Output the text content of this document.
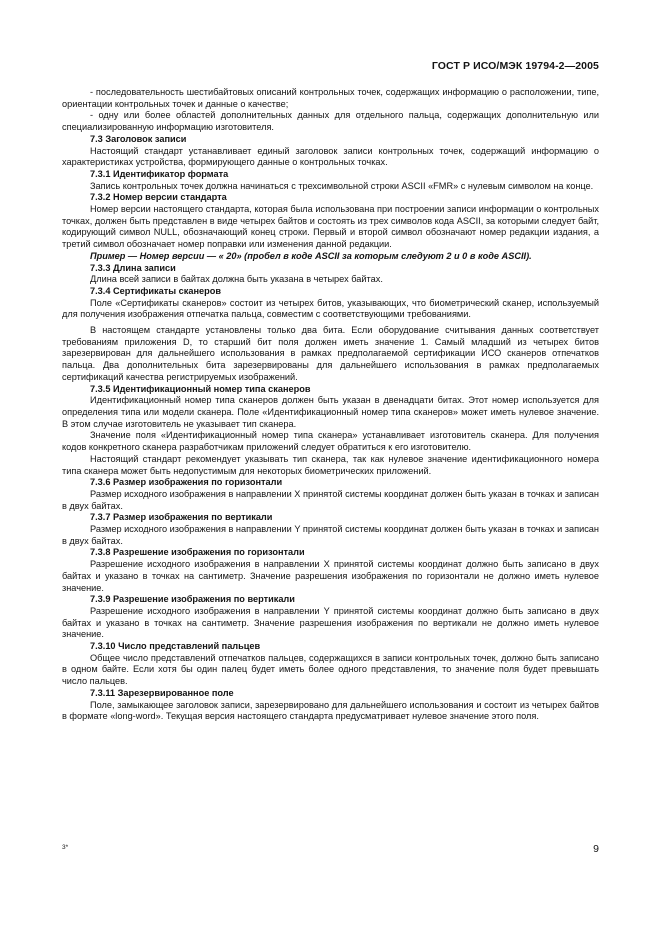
ГОСТ Р ИСО/МЭК 19794-2—2005

- последовательность шестибайтовых описаний контрольных точек, содержащих информацию о расположении, типе, ориентации контрольных точек и данные о качестве;

- одну или более областей дополнительных данных для отдельного пальца, содержащих дополнительную или специализированную информацию изготовителя.

7.3 Заголовок записи

Настоящий стандарт устанавливает единый заголовок записи контрольных точек, содержащий информацию о характеристиках устройства, формирующего данные о контрольных точках.

7.3.1 Идентификатор формата

Запись контрольных точек должна начинаться с трехсимвольной строки ASCII «FMR» с нулевым символом на конце.

7.3.2 Номер версии стандарта

Номер версии настоящего стандарта, которая была использована при построении записи информации о контрольных точках, должен быть представлен в виде четырех байтов и состоять из трех символов кода ASCII, за которыми следует байт, кодирующий символ NULL, обозначающий конец строки. Первый и второй символ обозначают номер редакции издания, а третий символ обозначает номер поправки или изменения данной редакции.

Пример — Номер версии — « 20» (пробел в коде ASCII за которым следуют 2 и 0 в коде ASCII).

7.3.3 Длина записи

Длина всей записи в байтах должна быть указана в четырех байтах.

7.3.4 Сертификаты сканеров

Поле «Сертификаты сканеров» состоит из четырех битов, указывающих, что биометрический сканер, используемый для получения изображения отпечатка пальца, совместим с соответствующими требованиями.

В настоящем стандарте установлены только два бита. Если оборудование считывания данных соответствует требованиям приложения D, то старший бит поля должен иметь значение 1. Самый младший из четырех битов зарезервирован для дальнейшего использования в рамках предполагаемой сертификации ИСО сканеров отпечатков пальца. Два дополнительных бита зарезервированы для дальнейшего использования в рамках предполагаемых сертификаций качества регистрируемых изображений.

7.3.5 Идентификационный номер типа сканеров

Идентификационный номер типа сканеров должен быть указан в двенадцати битах. Этот номер используется для определения типа или модели сканера. Поле «Идентификационный номер типа сканеров» может иметь нулевое значение. В этом случае изготовитель не указывает тип сканера.

Значение поля «Идентификационный номер типа сканера» устанавливает изготовитель сканера. Для получения кодов конкретного сканера разработчикам приложений следует обратиться к его изготовителю.

Настоящий стандарт рекомендует указывать тип сканера, так как нулевое значение идентификационного номера типа сканера может быть недопустимым для некоторых биометрических приложений.

7.3.6 Размер изображения по горизонтали

Размер исходного изображения в направлении X принятой системы координат должен быть указан в точках и записан в двух байтах.

7.3.7 Размер изображения по вертикали

Размер исходного изображения в направлении Y принятой системы координат должен быть указан в точках и записан в двух байтах.

7.3.8 Разрешение изображения по горизонтали

Разрешение исходного изображения в направлении X принятой системы координат должно быть записано в двух байтах и указано в точках на сантиметр. Значение разрешения изображения по горизонтали не должно иметь нулевое значение.

7.3.9 Разрешение изображения по вертикали

Разрешение исходного изображения в направлении Y принятой системы координат должно быть записано в двух байтах и указано в точках на сантиметр. Значение разрешения изображения по вертикали не должно иметь нулевое значение.

7.3.10 Число представлений пальцев

Общее число представлений отпечатков пальцев, содержащихся в записи контрольных точек, должно быть записано в одном байте. Если хотя бы один палец будет иметь более одного представления, то значение поля будет превышать число пальцев.

7.3.11 Зарезервированное поле

Поле, замыкающее заголовок записи, зарезервировано для дальнейшего использования и состоит из четырех байтов в формате «long-word». Текущая версия настоящего стандарта предусматривает нулевое значение этого поля.

3*	9
